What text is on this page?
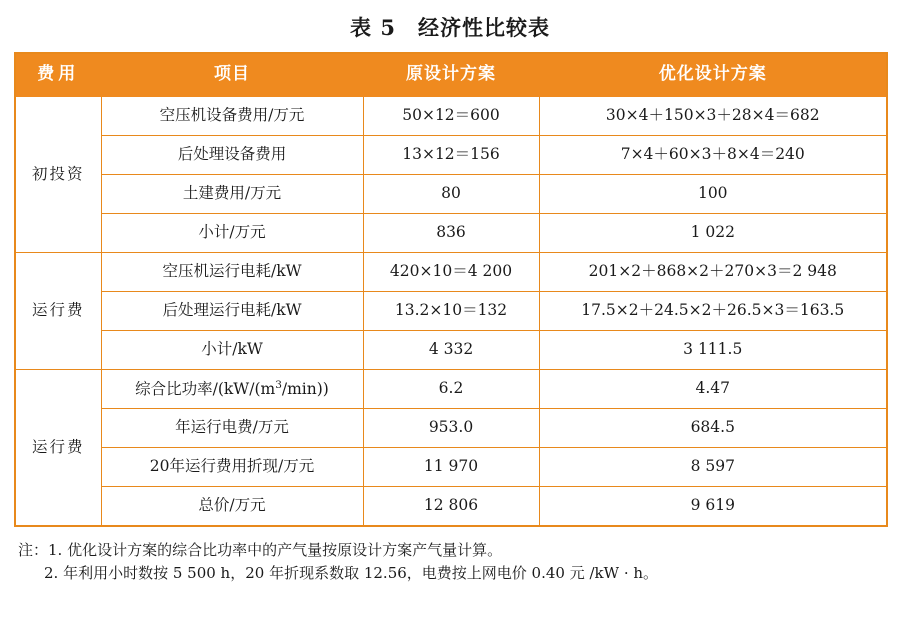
表 5　经济性比较表
费用	项目	原设计方案	优化设计方案
初投资	空压机设备费用/万元	50×12＝600	30×4＋150×3＋28×4＝682
	后处理设备费用	13×12＝156	7×4＋60×3＋8×4＝240
	土建费用/万元	80	100
	小计/万元	836	1 022
运行费	空压机运行电耗/kW	420×10＝4 200	201×2＋868×2＋270×3＝2 948
	后处理运行电耗/kW	13.2×10＝132	17.5×2＋24.5×2＋26.5×3＝163.5
	小计/kW	4 332	3 111.5
运行费	综合比功率$/(kW/(m^3/\min))$	6.2	4.47
	年运行电费/万元	953.0	684.5
	20年运行费用折现/万元	11 970	8 597
	总价/万元	12 806	9 619
注：1. 优化设计方案的综合比功率中的产气量按原设计方案产气量计算。
2. 年利用小时数按 5 500 h，20 年折现系数取 12.56，电费按上网电价 0.40 元 /kW · h。
